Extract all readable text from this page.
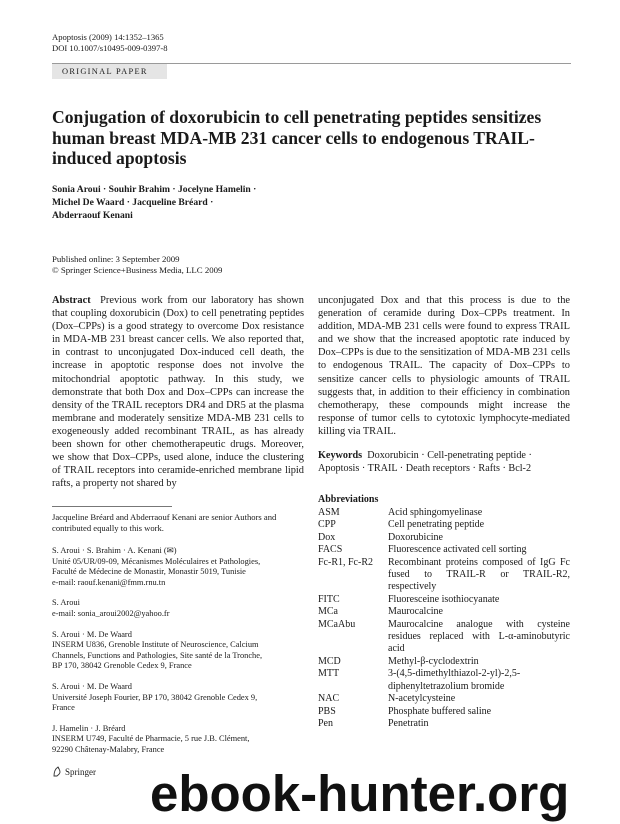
Apoptosis (2009) 14:1352–1365
DOI 10.1007/s10495-009-0397-8
ORIGINAL PAPER
Conjugation of doxorubicin to cell penetrating peptides sensitizes human breast MDA-MB 231 cancer cells to endogenous TRAIL-induced apoptosis
Sonia Aroui · Souhir Brahim · Jocelyne Hamelin ·
Michel De Waard · Jacqueline Bréard ·
Abderraouf Kenani
Published online: 3 September 2009
© Springer Science+Business Media, LLC 2009
Abstract Previous work from our laboratory has shown that coupling doxorubicin (Dox) to cell penetrating peptides (Dox–CPPs) is a good strategy to overcome Dox resistance in MDA-MB 231 breast cancer cells. We also reported that, in contrast to unconjugated Dox-induced cell death, the increase in apoptotic response does not involve the mitochondrial apoptotic pathway. In this study, we demonstrate that both Dox and Dox–CPPs can increase the density of the TRAIL receptors DR4 and DR5 at the plasma membrane and moderately sensitize MDA-MB 231 cells to exogeneously added recombinant TRAIL, as has already been shown for other chemotherapeutic drugs. Moreover, we show that Dox–CPPs, used alone, induce the clustering of TRAIL receptors into ceramide-enriched membrane lipid rafts, a property not shared by
unconjugated Dox and that this process is due to the generation of ceramide during Dox–CPPs treatment. In addition, MDA-MB 231 cells were found to express TRAIL and we show that the increased apoptotic rate induced by Dox–CPPs is due to the sensitization of MDA-MB 231 cells to endogenous TRAIL. The capacity of Dox–CPPs to sensitize cancer cells to physiologic amounts of TRAIL suggests that, in addition to their efficiency in combination chemotherapy, these compounds might increase the response of tumor cells to cytotoxic lymphocyte-mediated killing via TRAIL.
Keywords Doxorubicin · Cell-penetrating peptide · Apoptosis · TRAIL · Death receptors · Rafts · Bcl-2
Jacqueline Bréard and Abderraouf Kenani are senior Authors and contributed equally to this work.
S. Aroui · S. Brahim · A. Kenani (✉)
Unité 05/UR/09-09, Mécanismes Moléculaires et Pathologies,
Faculté de Médecine de Monastir, Monastir 5019, Tunisie
e-mail: raouf.kenani@fmm.rnu.tn
S. Aroui
e-mail: sonia_aroui2002@yahoo.fr
S. Aroui · M. De Waard
INSERM U836, Grenoble Institute of Neuroscience, Calcium
Channels, Functions and Pathologies, Site santé de la Tronche,
BP 170, 38042 Grenoble Cedex 9, France
S. Aroui · M. De Waard
Université Joseph Fourier, BP 170, 38042 Grenoble Cedex 9,
France
J. Hamelin · J. Bréard
INSERM U749, Faculté de Pharmacie, 5 rue J.B. Clément,
92290 Châtenay-Malabry, France
Abbreviations
ASM	Acid sphingomyelinase
CPP	Cell penetrating peptide
Dox	Doxorubicine
FACS	Fluorescence activated cell sorting
Fc-R1, Fc-R2	Recombinant proteins composed of IgG Fc fused to TRAIL-R or TRAIL-R2, respectively
FITC	Fluoresceine isothiocyanate
MCa	Maurocalcine
MCaAbu	Maurocalcine analogue with cysteine residues replaced with L-α-aminobutyric acid
MCD	Methyl-β-cyclodextrin
MTT	3-(4,5-dimethylthiazol-2-yl)-2,5-diphenyltetrazolium bromide
NAC	N-acetylcysteine
PBS	Phosphate buffered saline
Pen	Penetratin
Springer ebook-hunter.org
